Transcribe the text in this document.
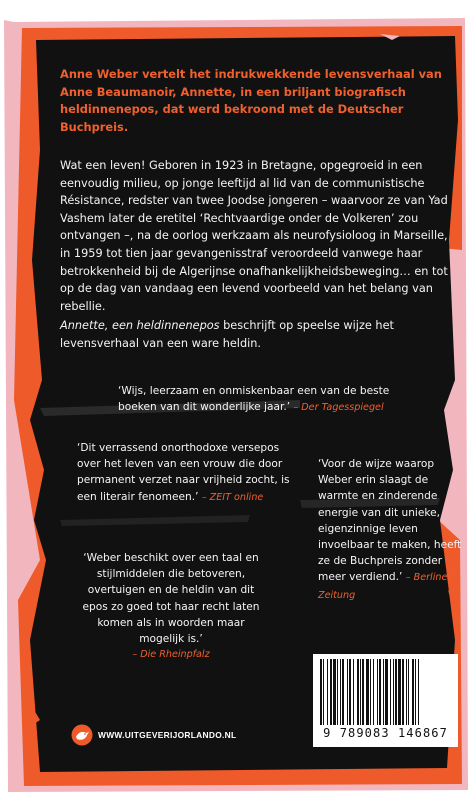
Anne Weber vertelt het indrukwekkende levensverhaal van Anne Beaumanoir, Annette, in een briljant biografisch heldinnenepos, dat werd bekroond met de Deutscher Buchpreis.
Wat een leven! Geboren in 1923 in Bretagne, opgegroeid in een eenvoudig milieu, op jonge leeftijd al lid van de communistische Résistance, redster van twee Joodse jongeren – waarvoor ze van Yad Vashem later de eretitel ‘Rechtvaardige onder de Volkeren’ zou ontvangen –, na de oorlog werkzaam als neurofysioloog in Marseille, in 1959 tot tien jaar gevangenisstraf veroordeeld vanwege haar betrokkenheid bij de Algerijnse onafhankelijkheidsbeweging… en tot op de dag van vandaag een levend voorbeeld van het belang van rebellie.
Annette, een heldinnenepos beschrijft op speelse wijze het levensverhaal van een ware heldin.
‘Wijs, leerzaam en onmiskenbaar een van de beste boeken van dit wonderlijke jaar.’ – Der Tagesspiegel
‘Dit verrassend onorthodoxe versepos over het leven van een vrouw die door permanent verzet naar vrijheid zocht, is een literair fenomeen.’ – ZEIT online
‘Voor de wijze waarop Weber erin slaagt de warmte en zinderende energie van dit unieke, eigenzinnige leven invoelbaar te maken, heeft ze de Buchpreis zonder meer verdiend.’ – Berliner Zeitung
‘Weber beschikt over een taal en stijlmiddelen die betoveren, overtuigen en de heldin van dit epos zo goed tot haar recht laten komen als in woorden maar mogelijk is.’
– Die Rheinpfalz
WWW.UITGEVERIJORLANDO.NL	9 789083 146867
